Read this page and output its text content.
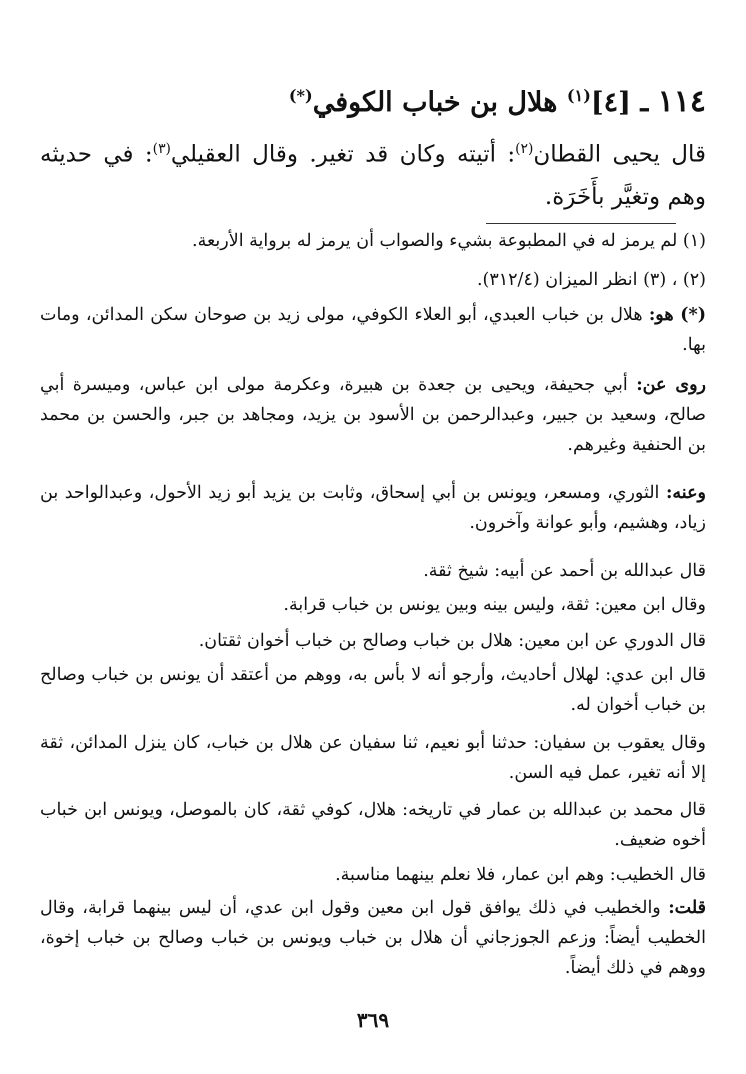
١١٤ ـ [٤]$^{(١)}$ هلال بن خباب الكوفي(*)
قال يحيى القطان$^{(٢)}$: أتيته وكان قد تغير. وقال العقيلي$^{(٣)}$: في حديثه وهم وتغيَّر بأَخَرَة.
(١) لم يرمز له في المطبوعة بشيء والصواب أن يرمز له برواية الأربعة.
(٢) ، (٣) انظر الميزان (٣١٢/٤).
(*) هو: هلال بن خباب العبدي، أبو العلاء الكوفي، مولى زيد بن صوحان سكن المدائن، ومات بها.
روى عن: أبي جحيفة، ويحيى بن جعدة بن هبيرة، وعكرمة مولى ابن عباس، وميسرة أبي صالح، وسعيد بن جبير، وعبدالرحمن بن الأسود بن يزيد، ومجاهد بن جبر، والحسن بن محمد بن الحنفية وغيرهم.
وعنه: الثوري، ومسعر، ويونس بن أبي إسحاق، وثابت بن يزيد أبو زيد الأحول، وعبدالواحد بن زياد، وهشيم، وأبو عوانة وآخرون.
قال عبدالله بن أحمد عن أبيه: شيخ ثقة.
وقال ابن معين: ثقة، وليس بينه وبين يونس بن خباب قرابة.
قال الدوري عن ابن معين: هلال بن خباب وصالح بن خباب أخوان ثقتان.
قال ابن عدي: لهلال أحاديث، وأرجو أنه لا بأس به، ووهم من أعتقد أن يونس بن خباب وصالح بن خباب أخوان له.
وقال يعقوب بن سفيان: حدثنا أبو نعيم، ثنا سفيان عن هلال بن خباب، كان ينزل المدائن، ثقة إلا أنه تغير، عمل فيه السن.
قال محمد بن عبدالله بن عمار في تاريخه: هلال، كوفي ثقة، كان بالموصل، ويونس ابن خباب أخوه ضعيف.
قال الخطيب: وهم ابن عمار، فلا نعلم بينهما مناسبة.
قلت: والخطيب في ذلك يوافق قول ابن معين وقول ابن عدي، أن ليس بينهما قرابة، وقال الخطيب أيضاً: وزعم الجوزجاني أن هلال بن خباب ويونس بن خباب وصالح بن خباب إخوة، ووهم في ذلك أيضاً.
٣٦٩
